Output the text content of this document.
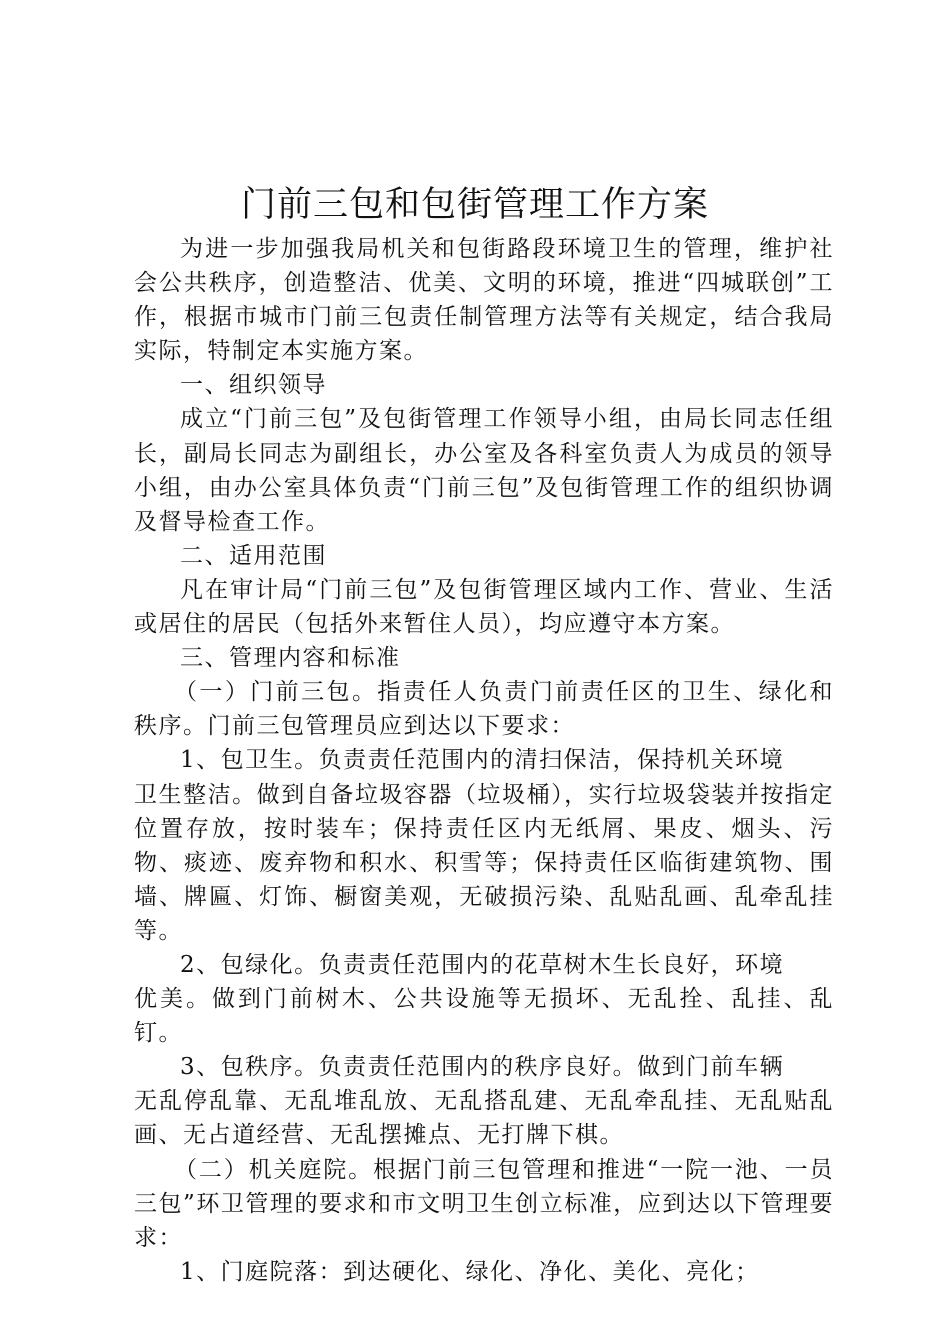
门前三包和包街管理工作方案

为进一步加强我局机关和包街路段环境卫生的管理，维护社会公共秩序，创造整洁、优美、文明的环境，推进“四城联创”工作，根据市城市门前三包责任制管理方法等有关规定，结合我局实际，特制定本实施方案。

一、组织领导

成立“门前三包”及包街管理工作领导小组，由局长同志任组长，副局长同志为副组长，办公室及各科室负责人为成员的领导小组，由办公室具体负责“门前三包”及包街管理工作的组织协调及督导检查工作。

二、适用范围

凡在审计局“门前三包”及包街管理区域内工作、营业、生活或居住的居民（包括外来暂住人员），均应遵守本方案。

三、管理内容和标准

（一）门前三包。指责任人负责门前责任区的卫生、绿化和秩序。门前三包管理员应到达以下要求：

1、包卫生。负责责任范围内的清扫保洁，保持机关环境
卫生整洁。做到自备垃圾容器（垃圾桶），实行垃圾袋装并按指定位置存放，按时装车；保持责任区内无纸屑、果皮、烟头、污物、痰迹、废弃物和积水、积雪等；保持责任区临街建筑物、围墙、牌匾、灯饰、橱窗美观，无破损污染、乱贴乱画、乱牵乱挂等。

2、包绿化。负责责任范围内的花草树木生长良好，环境
优美。做到门前树木、公共设施等无损坏、无乱拴、乱挂、乱钉。

3、包秩序。负责责任范围内的秩序良好。做到门前车辆
无乱停乱靠、无乱堆乱放、无乱搭乱建、无乱牵乱挂、无乱贴乱画、无占道经营、无乱摆摊点、无打牌下棋。

（二）机关庭院。根据门前三包管理和推进“一院一池、一员三包”环卫管理的要求和市文明卫生创立标准，应到达以下管理要求：

1、门庭院落：到达硬化、绿化、净化、美化、亮化；
